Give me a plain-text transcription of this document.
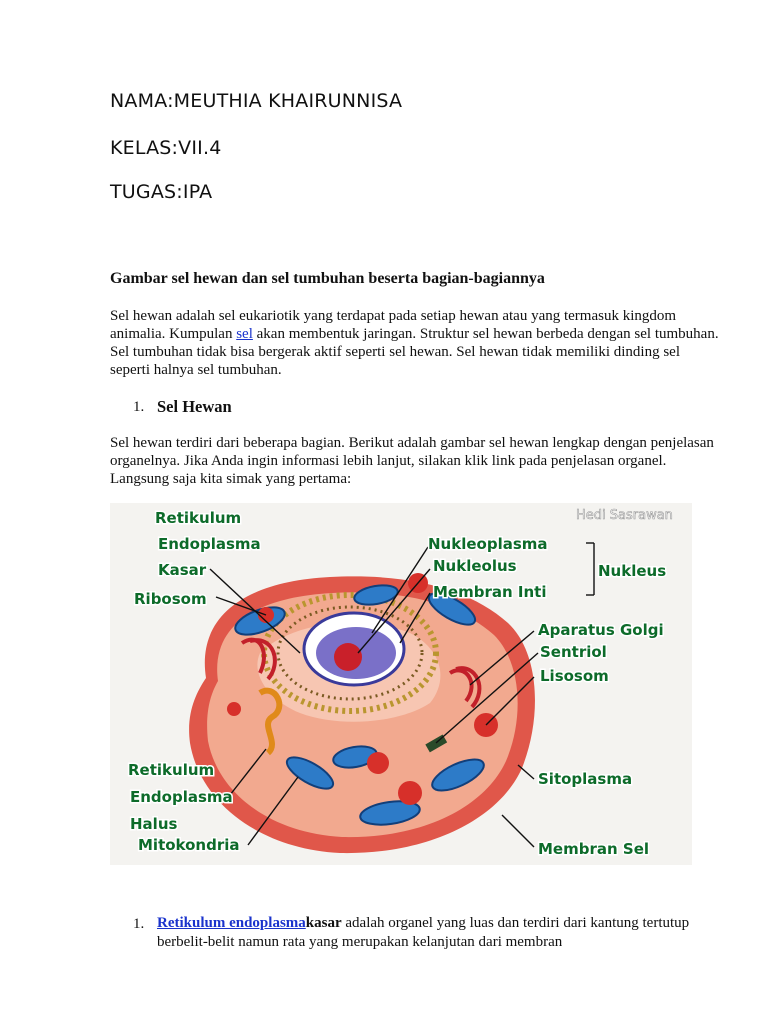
NAMA:MEUTHIA KHAIRUNNISA
KELAS:VII.4
TUGAS:IPA
Gambar sel hewan dan sel tumbuhan beserta bagian-bagiannya
Sel hewan adalah sel eukariotik yang terdapat pada setiap hewan atau yang termasuk kingdom animalia. Kumpulan sel akan membentuk jaringan. Struktur sel hewan berbeda dengan sel tumbuhan. Sel tumbuhan tidak bisa bergerak aktif seperti sel hewan. Sel hewan tidak memiliki dinding sel seperti halnya sel tumbuhan.
1. Sel Hewan
Sel hewan terdiri dari beberapa bagian. Berikut adalah gambar sel hewan lengkap dengan penjelasan organelnya. Jika Anda ingin informasi lebih lanjut, silakan klik link pada penjelasan organel. Langsung saja kita simak yang pertama:
Retikulum
Endoplasma
Kasar
Ribosom
Nukleoplasma
Nukleolus
Membran Inti
Nukleus
Aparatus Golgi
Sentriol
Lisosom
Retikulum
Endoplasma
Halus
Mitokondria
Sitoplasma
Membran Sel
Hedi Sasrawan
1. Retikulum endoplasmakasar adalah organel yang luas dan terdiri dari kantung tertutup berbelit-belit namun rata yang merupakan kelanjutan dari membran
